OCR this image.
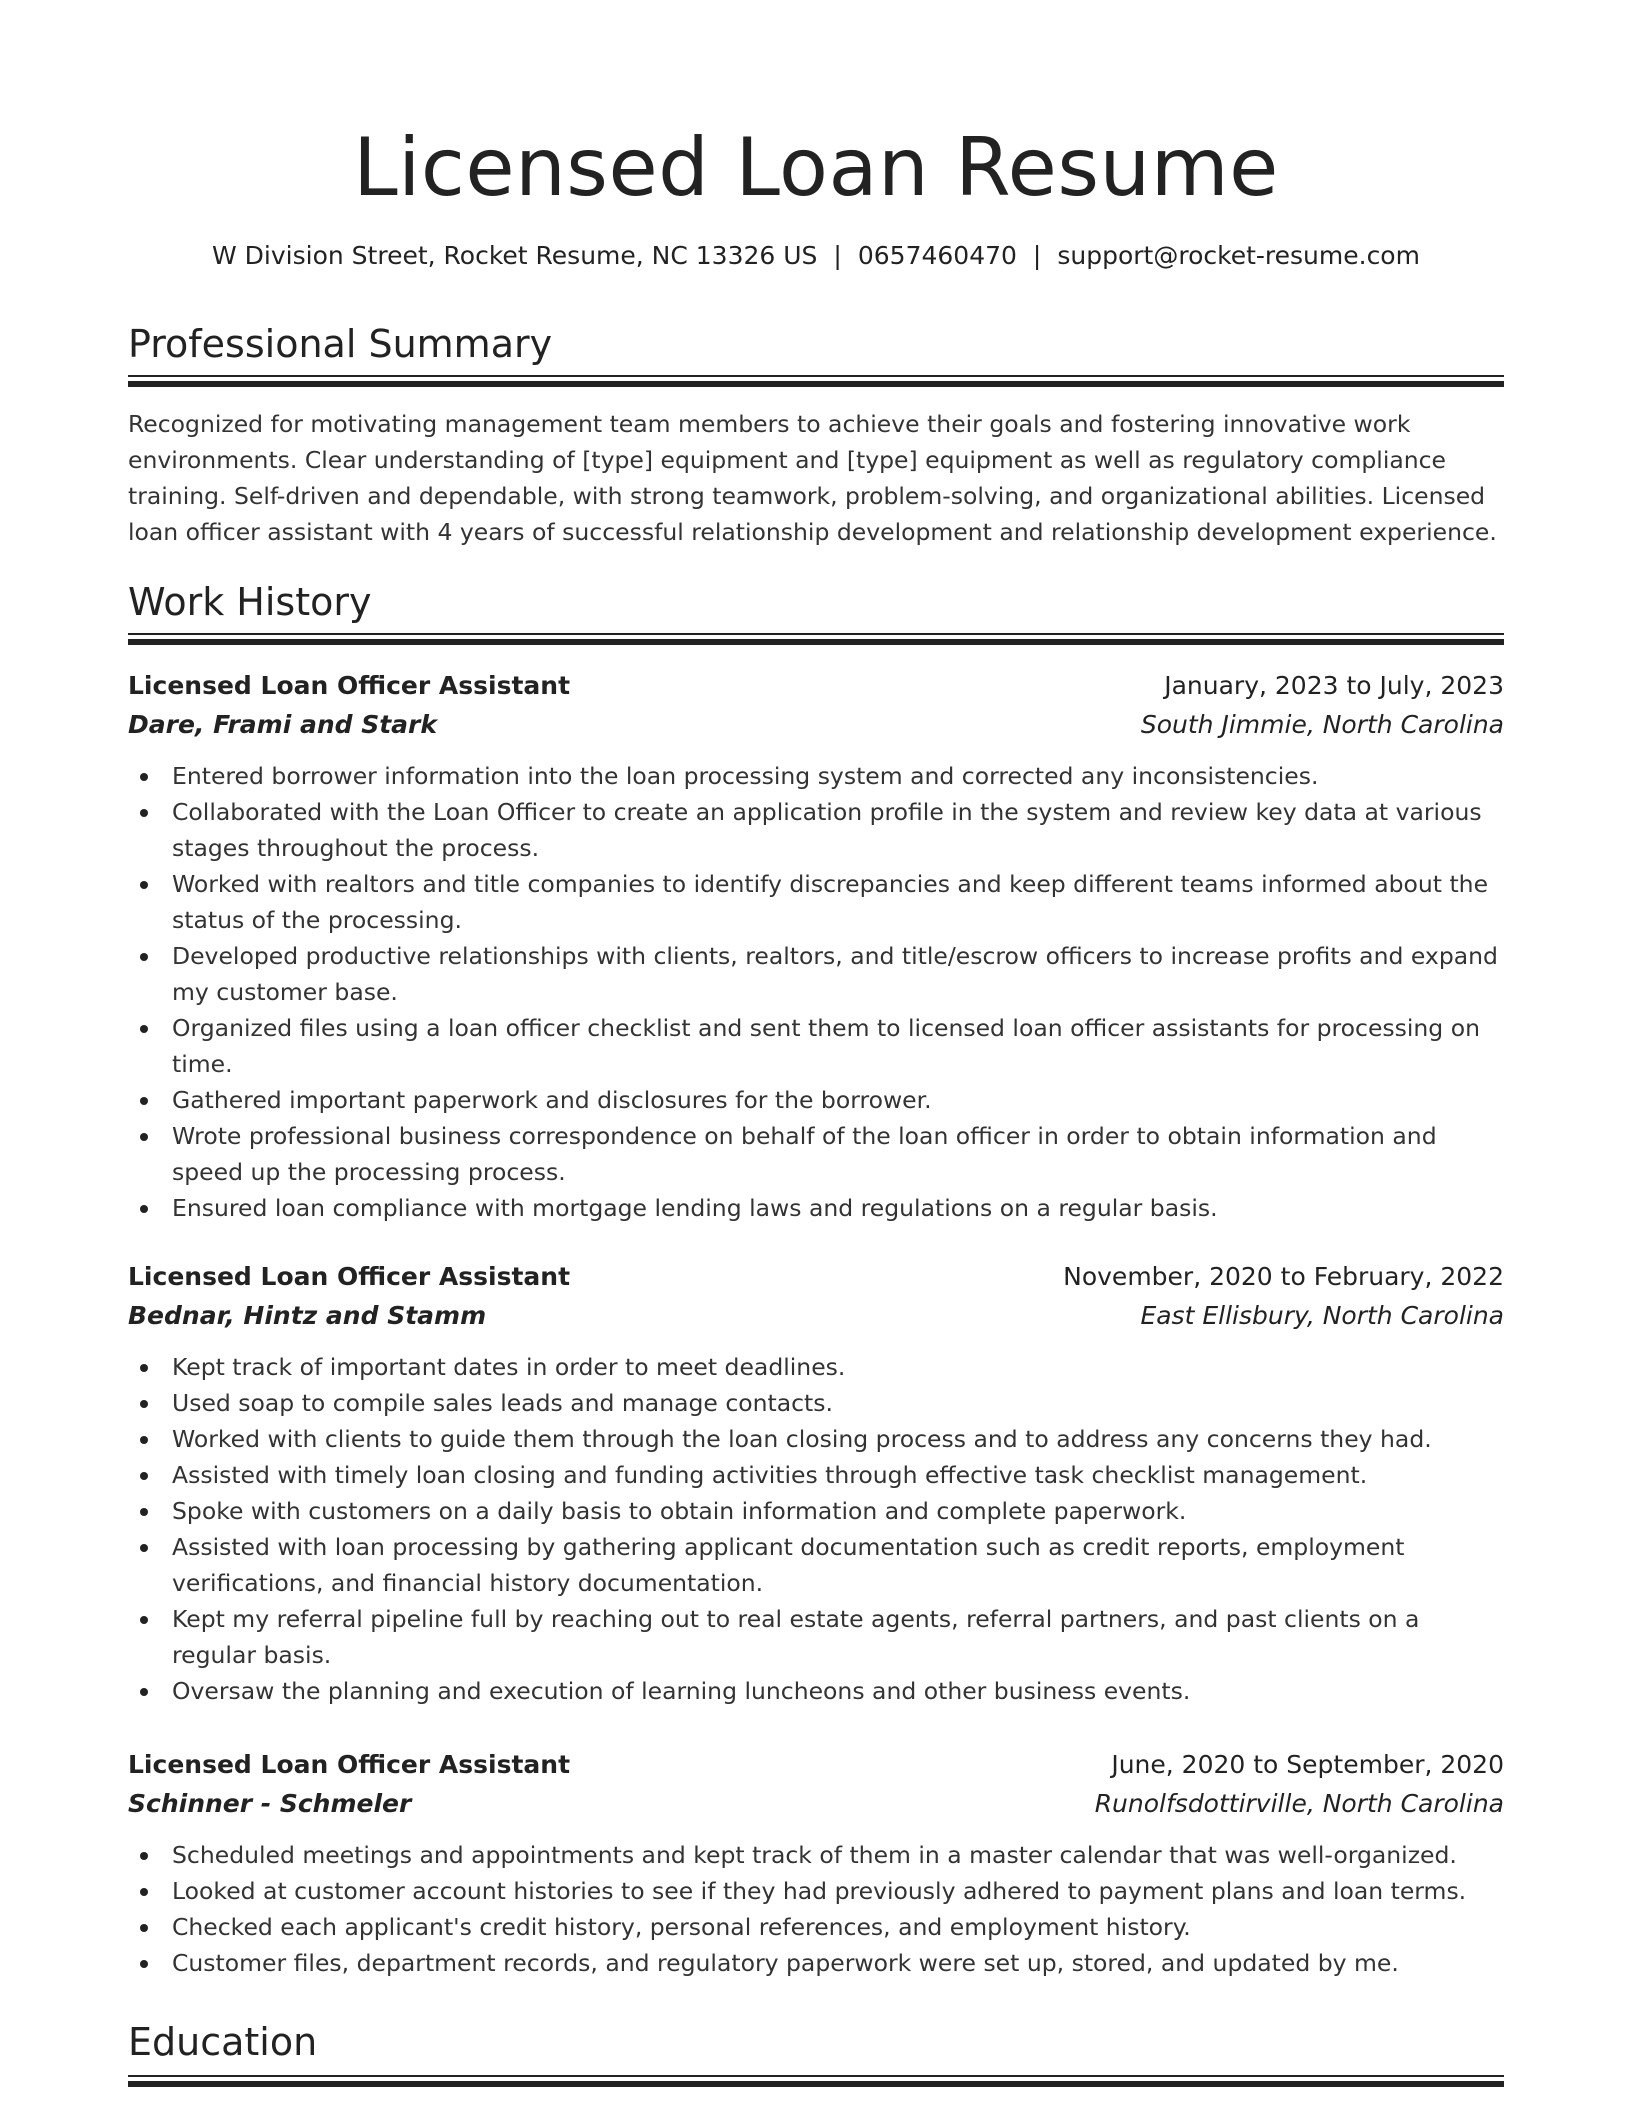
Licensed Loan Resume
W Division Street, Rocket Resume, NC 13326 US | 0657460470 | support@rocket-resume.com
Professional Summary

Recognized for motivating management team members to achieve their goals and fostering innovative work environments. Clear understanding of [type] equipment and [type] equipment as well as regulatory compliance training. Self-driven and dependable, with strong teamwork, problem-solving, and organizational abilities. Licensed loan officer assistant with 4 years of successful relationship development and relationship development experience.

Work History
Licensed Loan Officer Assistant	January, 2023 to July, 2023
Dare, Frami and Stark	South Jimmie, North Carolina
Entered borrower information into the loan processing system and corrected any inconsistencies.
Collaborated with the Loan Officer to create an application profile in the system and review key data at various stages throughout the process.
Worked with realtors and title companies to identify discrepancies and keep different teams informed about the status of the processing.
Developed productive relationships with clients, realtors, and title/escrow officers to increase profits and expand my customer base.
Organized files using a loan officer checklist and sent them to licensed loan officer assistants for processing on time.
Gathered important paperwork and disclosures for the borrower.
Wrote professional business correspondence on behalf of the loan officer in order to obtain information and speed up the processing process.
Ensured loan compliance with mortgage lending laws and regulations on a regular basis.
Licensed Loan Officer Assistant	November, 2020 to February, 2022
Bednar, Hintz and Stamm	East Ellisbury, North Carolina
Kept track of important dates in order to meet deadlines.
Used soap to compile sales leads and manage contacts.
Worked with clients to guide them through the loan closing process and to address any concerns they had.
Assisted with timely loan closing and funding activities through effective task checklist management.
Spoke with customers on a daily basis to obtain information and complete paperwork.
Assisted with loan processing by gathering applicant documentation such as credit reports, employment verifications, and financial history documentation.
Kept my referral pipeline full by reaching out to real estate agents, referral partners, and past clients on a regular basis.
Oversaw the planning and execution of learning luncheons and other business events.
Licensed Loan Officer Assistant	June, 2020 to September, 2020
Schinner - Schmeler	Runolfsdottirville, North Carolina
Scheduled meetings and appointments and kept track of them in a master calendar that was well-organized.
Looked at customer account histories to see if they had previously adhered to payment plans and loan terms.
Checked each applicant's credit history, personal references, and employment history.
Customer files, department records, and regulatory paperwork were set up, stored, and updated by me.
Education
